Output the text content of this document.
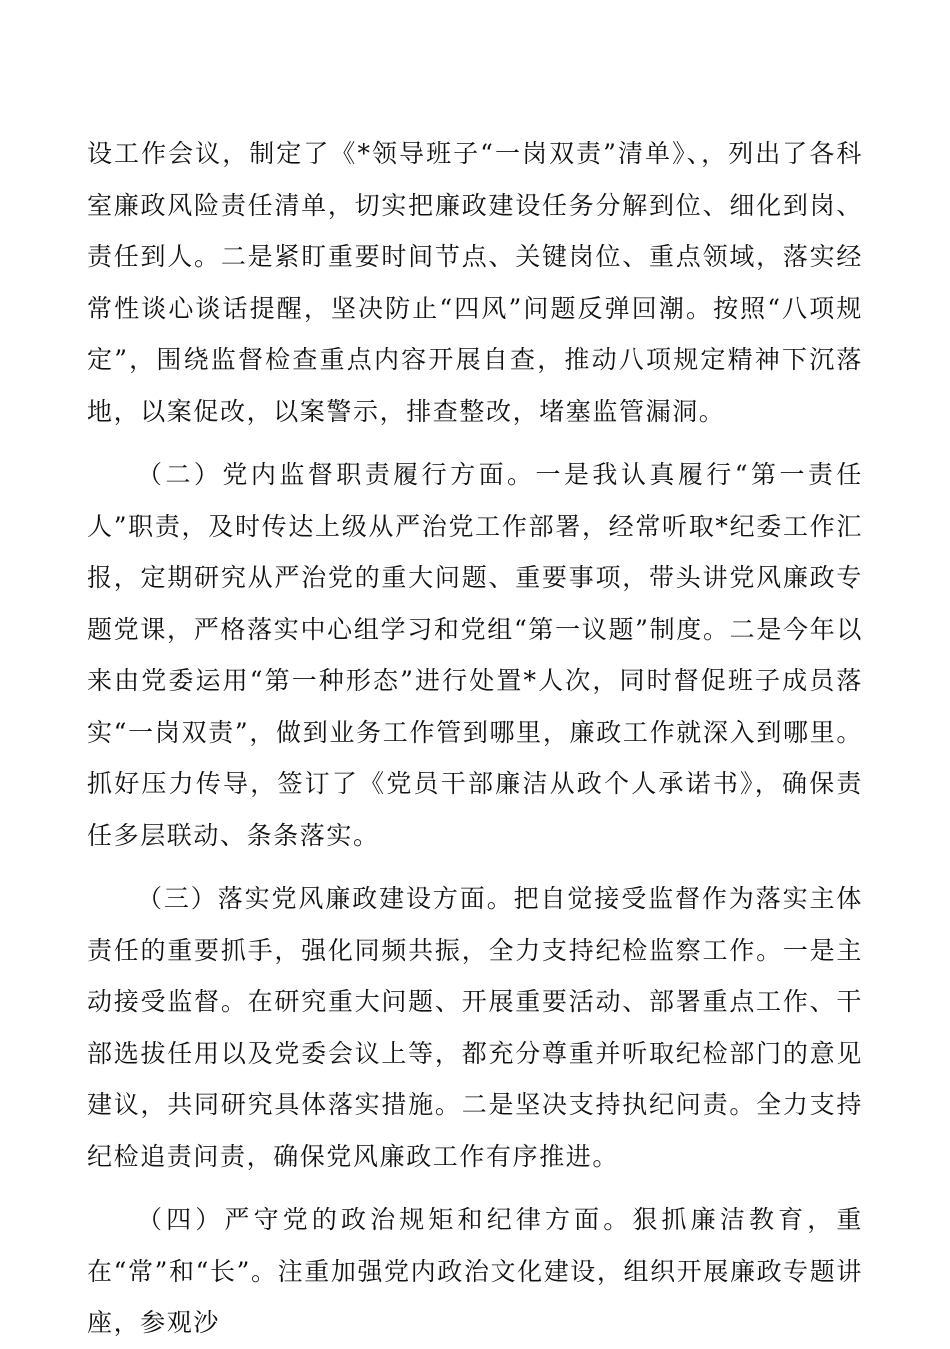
设工作会议，制定了《*领导班子“一岗双责”清单》、，列出了各科室廉政风险责任清单，切实把廉政建设任务分解到位、细化到岗、责任到人。二是紧盯重要时间节点、关键岗位、重点领域，落实经常性谈心谈话提醒，坚决防止“四风”问题反弹回潮。按照“八项规定”，围绕监督检查重点内容开展自查，推动八项规定精神下沉落地，以案促改，以案警示，排查整改，堵塞监管漏洞。

（二）党内监督职责履行方面。一是我认真履行“第一责任人”职责，及时传达上级从严治党工作部署，经常听取*纪委工作汇报，定期研究从严治党的重大问题、重要事项，带头讲党风廉政专题党课，严格落实中心组学习和党组“第一议题”制度。二是今年以来由党委运用“第一种形态”进行处置*人次，同时督促班子成员落实“一岗双责”，做到业务工作管到哪里，廉政工作就深入到哪里。抓好压力传导，签订了《党员干部廉洁从政个人承诺书》，确保责任多层联动、条条落实。

（三）落实党风廉政建设方面。把自觉接受监督作为落实主体责任的重要抓手，强化同频共振，全力支持纪检监察工作。一是主动接受监督。在研究重大问题、开展重要活动、部署重点工作、干部选拔任用以及党委会议上等，都充分尊重并听取纪检部门的意见建议，共同研究具体落实措施。二是坚决支持执纪问责。全力支持纪检追责问责，确保党风廉政工作有序推进。

（四）严守党的政治规矩和纪律方面。狠抓廉洁教育，重在“常”和“长”。注重加强党内政治文化建设，组织开展廉政专题讲座，参观沙
